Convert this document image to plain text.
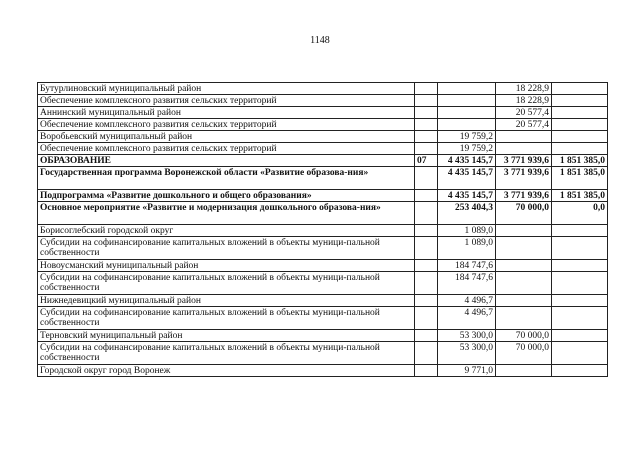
1148
Бутурлиновский муниципальный район			18 228,9	
Обеспечение комплексного развития сельских территорий			18 228,9	
Аннинский муниципальный район			20 577,4	
Обеспечение комплексного развития сельских территорий			20 577,4	
Воробьевский муниципальный район		19 759,2		
Обеспечение комплексного развития сельских территорий		19 759,2		
ОБРАЗОВАНИЕ	07	4 435 145,7	3 771 939,6	1 851 385,0
Государственная программа Воронежской области «Развитие образова-ния»		4 435 145,7	3 771 939,6	1 851 385,0
Подпрограмма «Развитие дошкольного и общего образования»		4 435 145,7	3 771 939,6	1 851 385,0
Основное мероприятие «Развитие и модернизация дошкольного образова-ния»		253 404,3	70 000,0	0,0
Борисоглебский городской округ		1 089,0		
Субсидии на софинансирование капитальных вложений в объекты муници-пальной собственности		1 089,0		
Новоусманский муниципальный район		184 747,6		
Субсидии на софинансирование капитальных вложений в объекты муници-пальной собственности		184 747,6		
Нижнедевицкий муниципальный район		4 496,7		
Субсидии на софинансирование капитальных вложений в объекты муници-пальной собственности		4 496,7		
Терновский муниципальный район		53 300,0	70 000,0	
Субсидии на софинансирование капитальных вложений в объекты муници-пальной собственности		53 300,0	70 000,0	
Городской округ город Воронеж		9 771,0		
